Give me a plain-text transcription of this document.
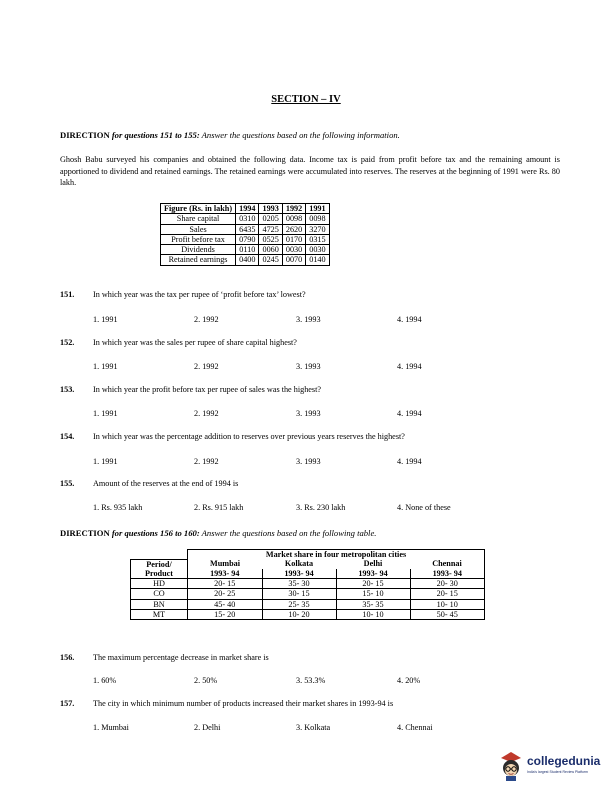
SECTION – IV
DIRECTION for questions 151 to 155: Answer the questions based on the following information.
Ghosh Babu surveyed his companies and obtained the following data. Income tax is paid from profit before tax and the remaining amount is apportioned to dividend and retained earnings. The retained earnings were accumulated into reserves. The reserves at the beginning of 1991 were Rs. 80 lakh.
Figure (Rs. in lakh)	1994	1993	1992	1991
Share capital	0310	0205	0098	0098
Sales	6435	4725	2620	3270
Profit before tax	0790	0525	0170	0315
Dividends	0110	0060	0030	0030
Retained earnings	0400	0245	0070	0140
151. In which year was the tax per rupee of ‘profit before tax’ lowest?
1. 1991	2. 1992	3. 1993	4. 1994
152. In which year was the sales per rupee of share capital highest?
1. 1991	2. 1992	3. 1993	4. 1994
153. In which year the profit before tax per rupee of sales was the highest?
1. 1991	2. 1992	3. 1993	4. 1994
154. In which year was the percentage addition to reserves over previous years reserves the highest?
1. 1991	2. 1992	3. 1993	4. 1994
155. Amount of the reserves at the end of 1994 is
1. Rs. 935 lakh	2. Rs. 915 lakh	3. Rs. 230 lakh	4. None of these
DIRECTION for questions 156 to 160: Answer the questions based on the following table.
	Market share in four metropolitan cities			
Period/	Mumbai	Kolkata	Delhi	Chennai
Product	1993- 94	1993- 94	1993- 94	1993- 94
HD	20- 15	35- 30	20- 15	20- 30
CO	20- 25	30- 15	15- 10	20- 15
BN	45- 40	25- 35	35- 35	10- 10
MT	15- 20	10- 20	10- 10	50- 45
156. The maximum percentage decrease in market share is
1. 60%	2. 50%	3. 53.3%	4. 20%
157. The city in which minimum number of products increased their market shares in 1993-94 is
1. Mumbai	2. Delhi	3. Kolkata	4. Chennai
collegedunia
India's largest Student Review Platform
